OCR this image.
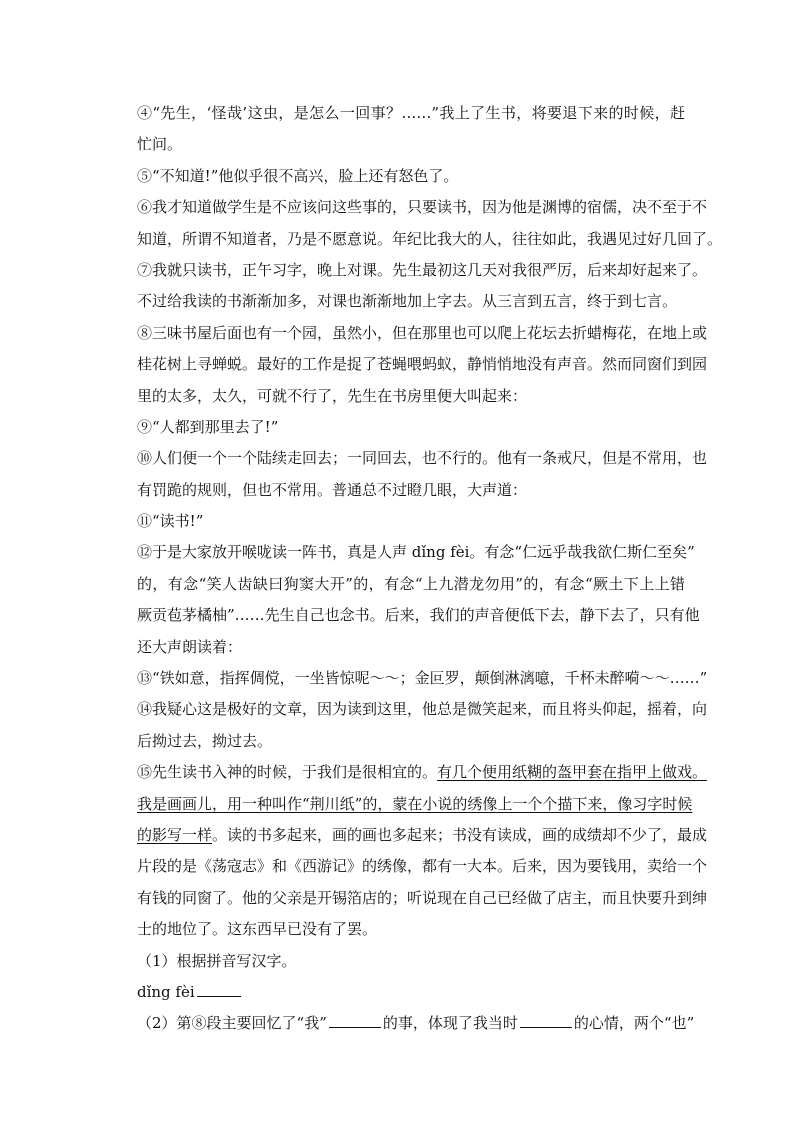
④“先生，‘怪哉’这虫，是怎么一回事？……”我上了生书，将要退下来的时候，赶
忙问。
⑤“不知道!”他似乎很不高兴，脸上还有怒色了。
⑥我才知道做学生是不应该问这些事的，只要读书，因为他是渊博的宿儒，决不至于不
知道，所谓不知道者，乃是不愿意说。年纪比我大的人，往往如此，我遇见过好几回了。
⑦我就只读书，正午习字，晚上对课。先生最初这几天对我很严厉，后来却好起来了。
不过给我读的书渐渐加多，对课也渐渐地加上字去。从三言到五言，终于到七言。
⑧三味书屋后面也有一个园，虽然小，但在那里也可以爬上花坛去折蜡梅花，在地上或
桂花树上寻蝉蜕。最好的工作是捉了苍蝇喂蚂蚁，静悄悄地没有声音。然而同窗们到园
里的太多，太久，可就不行了，先生在书房里便大叫起来：
⑨“人都到那里去了!”
⑩人们便一个一个陆续走回去；一同回去，也不行的。他有一条戒尺，但是不常用，也
有罚跪的规则，但也不常用。普通总不过瞪几眼，大声道：
⑪“读书!”
⑫于是大家放开喉咙读一阵书，真是人声 dǐng fèi。有念“仁远乎哉我欲仁斯仁至矣”
的，有念“笑人齿缺曰狗窦大开”的，有念“上九潜龙勿用”的，有念“厥土下上上错
厥贡苞茅橘柚”……先生自己也念书。后来，我们的声音便低下去，静下去了，只有他
还大声朗读着：
⑬“铁如意，指挥倜傥，一坐皆惊呢～～；金叵罗，颠倒淋漓噫，千杯未醉嗬～～……”
⑭我疑心这是极好的文章，因为读到这里，他总是微笑起来，而且将头仰起，摇着，向
后拗过去，拗过去。
⑮先生读书入神的时候，于我们是很相宜的。有几个便用纸糊的盔甲套在指甲上做戏。
我是画画儿，用一种叫作“荆川纸”的，蒙在小说的绣像上一个个描下来，像习字时候
的影写一样。读的书多起来，画的画也多起来；书没有读成，画的成绩却不少了，最成
片段的是《荡寇志》和《西游记》的绣像，都有一大本。后来，因为要钱用，卖给一个
有钱的同窗了。他的父亲是开锡箔店的；听说现在自己已经做了店主，而且快要升到绅
士的地位了。这东西早已没有了罢。
（1）根据拼音写汉字。
dǐng fèi
（2）第⑧段主要回忆了“我”	的事，体现了我当时	的心情，两个“也”
